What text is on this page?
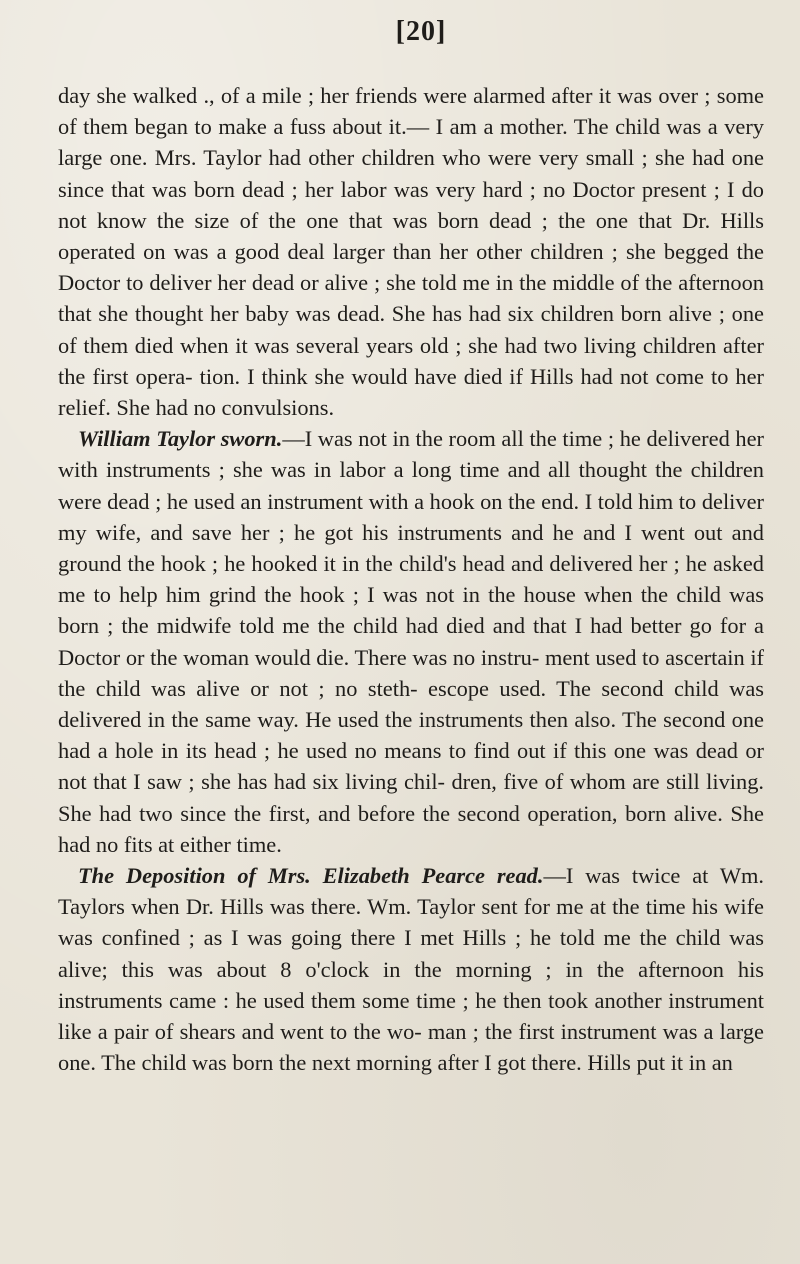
[20]

day she walked ., of a mile ; her friends were alarmed after it was over ; some of them began to make a fuss about it.— I am a mother. The child was a very large one. Mrs. Taylor had other children who were very small ; she had one since that was born dead ; her labor was very hard ; no Doctor present ; I do not know the size of the one that was born dead ; the one that Dr. Hills operated on was a good deal larger than her other children ; she begged the Doctor to deliver her dead or alive ; she told me in the middle of the afternoon that she thought her baby was dead. She has had six children born alive ; one of them died when it was several years old ; she had two living children after the first opera- tion. I think she would have died if Hills had not come to her relief. She had no convulsions.

William Taylor sworn.—I was not in the room all the time ; he delivered her with instruments ; she was in labor a long time and all thought the children were dead ; he used an instrument with a hook on the end. I told him to deliver my wife, and save her ; he got his instruments and he and I went out and ground the hook ; he hooked it in the child's head and delivered her ; he asked me to help him grind the hook ; I was not in the house when the child was born ; the midwife told me the child had died and that I had better go for a Doctor or the woman would die. There was no instru- ment used to ascertain if the child was alive or not ; no steth- escope used. The second child was delivered in the same way. He used the instruments then also. The second one had a hole in its head ; he used no means to find out if this one was dead or not that I saw ; she has had six living chil- dren, five of whom are still living. She had two since the first, and before the second operation, born alive. She had no fits at either time.

The Deposition of Mrs. Elizabeth Pearce read.—I was twice at Wm. Taylors when Dr. Hills was there. Wm. Taylor sent for me at the time his wife was confined ; as I was going there I met Hills ; he told me the child was alive; this was about 8 o'clock in the morning ; in the afternoon his instruments came : he used them some time ; he then took another instrument like a pair of shears and went to the wo- man ; the first instrument was a large one. The child was born the next morning after I got there. Hills put it in an
